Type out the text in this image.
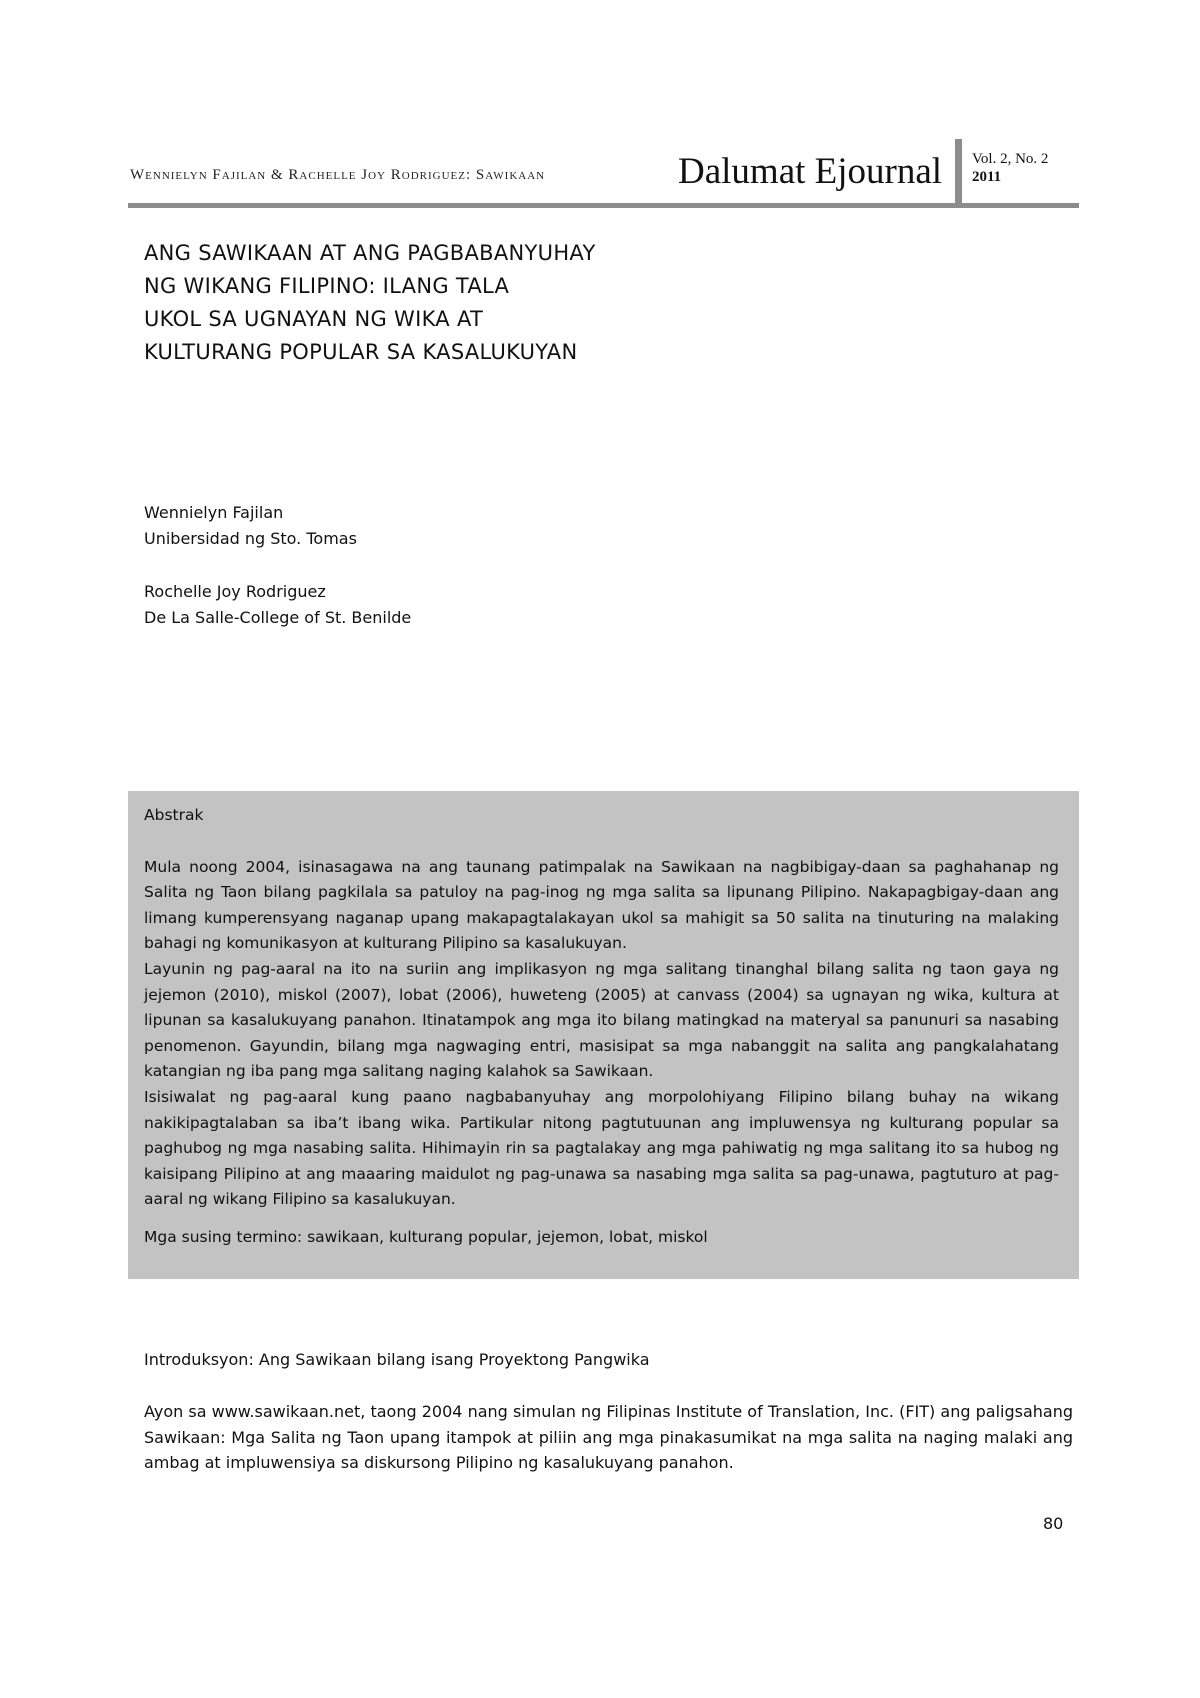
Wennielyn Fajilan & Rachelle Joy Rodriguez: Sawikaan	Dalumat Ejournal Vol. 2, No. 2
2011
ANG SAWIKAAN AT ANG PAGBABANYUHAY
NG WIKANG FILIPINO: ILANG TALA
UKOL SA UGNAYAN NG WIKA AT
KULTURANG POPULAR SA KASALUKUYAN
Wennielyn Fajilan
Unibersidad ng Sto. Tomas
Rochelle Joy Rodriguez
De La Salle-College of St. Benilde
Abstrak
Mula noong 2004, isinasagawa na ang taunang patimpalak na Sawikaan na nagbibigay-daan sa paghahanap ng Salita ng Taon bilang pagkilala sa patuloy na pag-inog ng mga salita sa lipunang Pilipino. Nakapagbigay-daan ang limang kumperensyang naganap upang makapagtalakayan ukol sa mahigit sa 50 salita na tinuturing na malaking bahagi ng komunikasyon at kulturang Pilipino sa kasalukuyan.
Layunin ng pag-aaral na ito na suriin ang implikasyon ng mga salitang tinanghal bilang salita ng taon gaya ng jejemon (2010), miskol (2007), lobat (2006), huweteng (2005) at canvass (2004) sa ugnayan ng wika, kultura at lipunan sa kasalukuyang panahon. Itinatampok ang mga ito bilang matingkad na materyal sa panunuri sa nasabing penomenon. Gayundin, bilang mga nagwaging entri, masisipat sa mga nabanggit na salita ang pangkalahatang katangian ng iba pang mga salitang naging kalahok sa Sawikaan.
Isisiwalat ng pag-aaral kung paano nagbabanyuhay ang morpolohiyang Filipino bilang buhay na wikang nakikipagtalaban sa iba’t ibang wika. Partikular nitong pagtutuunan ang impluwensya ng kulturang popular sa paghubog ng mga nasabing salita. Hihimayin rin sa pagtalakay ang mga pahiwatig ng mga salitang ito sa hubog ng kaisipang Pilipino at ang maaaring maidulot ng pag-unawa sa nasabing mga salita sa pag-unawa, pagtuturo at pag-aaral ng wikang Filipino sa kasalukuyan.
Mga susing termino: sawikaan, kulturang popular, jejemon, lobat, miskol
Introduksyon: Ang Sawikaan bilang isang Proyektong Pangwika
Ayon sa www.sawikaan.net, taong 2004 nang simulan ng Filipinas Institute of Translation, Inc. (FIT) ang paligsahang Sawikaan: Mga Salita ng Taon upang itampok at piliin ang mga pinakasumikat na mga salita na naging malaki ang ambag at impluwensiya sa diskursong Pilipino ng kasalukuyang panahon.
80
